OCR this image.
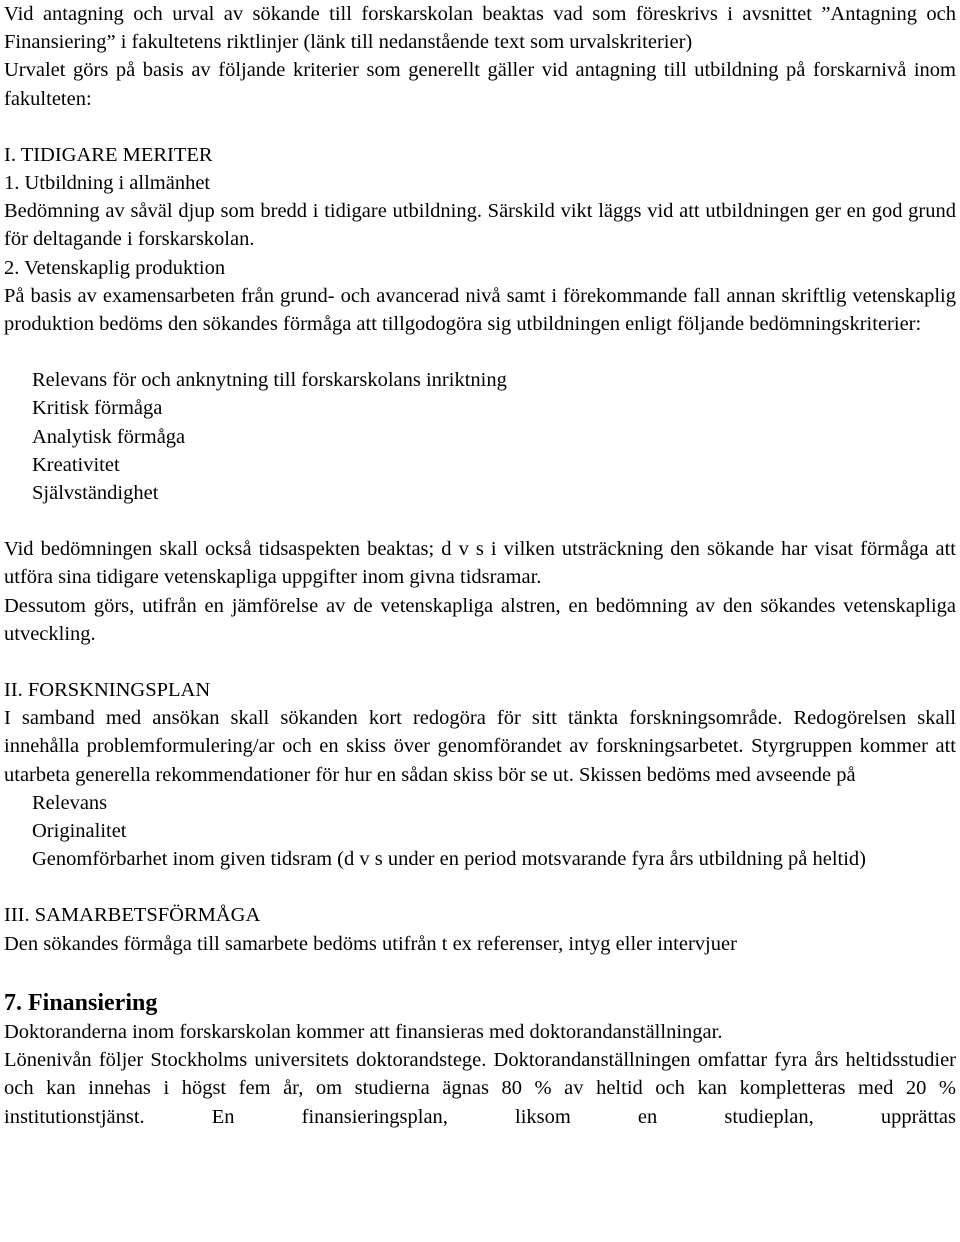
Vid antagning och urval av sökande till forskarskolan beaktas vad som föreskrivs i avsnittet ”Antagning och Finansiering” i fakultetens riktlinjer (länk till nedanstående text som urvalskriterier)

Urvalet görs på basis av följande kriterier som generellt gäller vid antagning till utbildning på forskarnivå inom fakulteten:

I. TIDIGARE MERITER

1. Utbildning i allmänhet

Bedömning av såväl djup som bredd i tidigare utbildning. Särskild vikt läggs vid att utbildningen ger en god grund för deltagande i forskarskolan.

2. Vetenskaplig produktion

På basis av examensarbeten från grund- och avancerad nivå samt i förekommande fall annan skriftlig vetenskaplig produktion bedöms den sökandes förmåga att tillgodogöra sig utbildningen enligt följande bedömningskriterier:

Relevans för och anknytning till forskarskolans inriktning

Kritisk förmåga

Analytisk förmåga

Kreativitet

Självständighet

Vid bedömningen skall också tidsaspekten beaktas; d v s i vilken utsträckning den sökande har visat förmåga att utföra sina tidigare vetenskapliga uppgifter inom givna tidsramar.

Dessutom görs, utifrån en jämförelse av de vetenskapliga alstren, en bedömning av den sökandes vetenskapliga utveckling.

II. FORSKNINGSPLAN

I samband med ansökan skall sökanden kort redogöra för sitt tänkta forskningsområde. Redogörelsen skall innehålla problemformulering/ar och en skiss över genomförandet av forskningsarbetet. Styrgruppen kommer att utarbeta generella rekommendationer för hur en sådan skiss bör se ut. Skissen bedöms med avseende på

Relevans

Originalitet

Genomförbarhet inom given tidsram (d v s under en period motsvarande fyra års utbildning på heltid)

III. SAMARBETSFÖRMÅGA

Den sökandes förmåga till samarbete bedöms utifrån t ex referenser, intyg eller intervjuer

7. Finansiering

Doktoranderna inom forskarskolan kommer att finansieras med doktorandanställningar.

Lönenivån följer Stockholms universitets doktorandstege. Doktorandanställningen omfattar fyra års heltidsstudier och kan innehas i högst fem år, om studierna ägnas 80 % av heltid och kan kompletteras med 20 % institutionstjänst. En finansieringsplan, liksom en studieplan, upprättas
